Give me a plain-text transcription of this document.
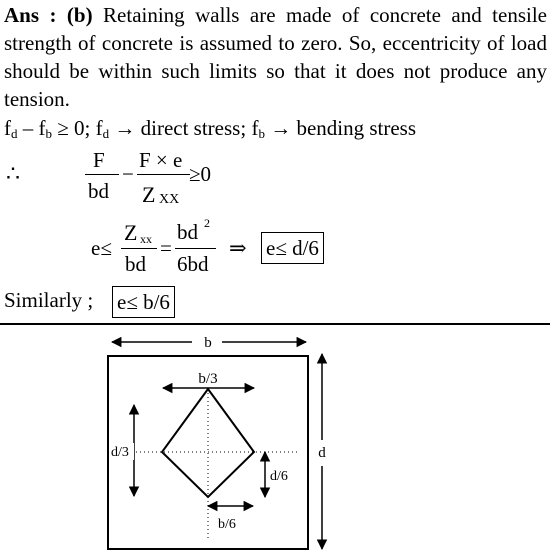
Ans : (b) Retaining walls are made of concrete and tensile strength of concrete is assumed to zero. So, eccentricity of load should be within such limits so that it does not produce any tension.
$f_d - f_b \ge 0$; $f_d$ → direct stress; $f_b$ → bending stress
∴
F
bd
−
F × e
Z XX
≥0
e≤
Z xx
bd
=
bd 2
6bd
⇒ e≤ d/6
Similarly ; e≤ b/6
b
d
b/3
d/3
d/6
b/6
